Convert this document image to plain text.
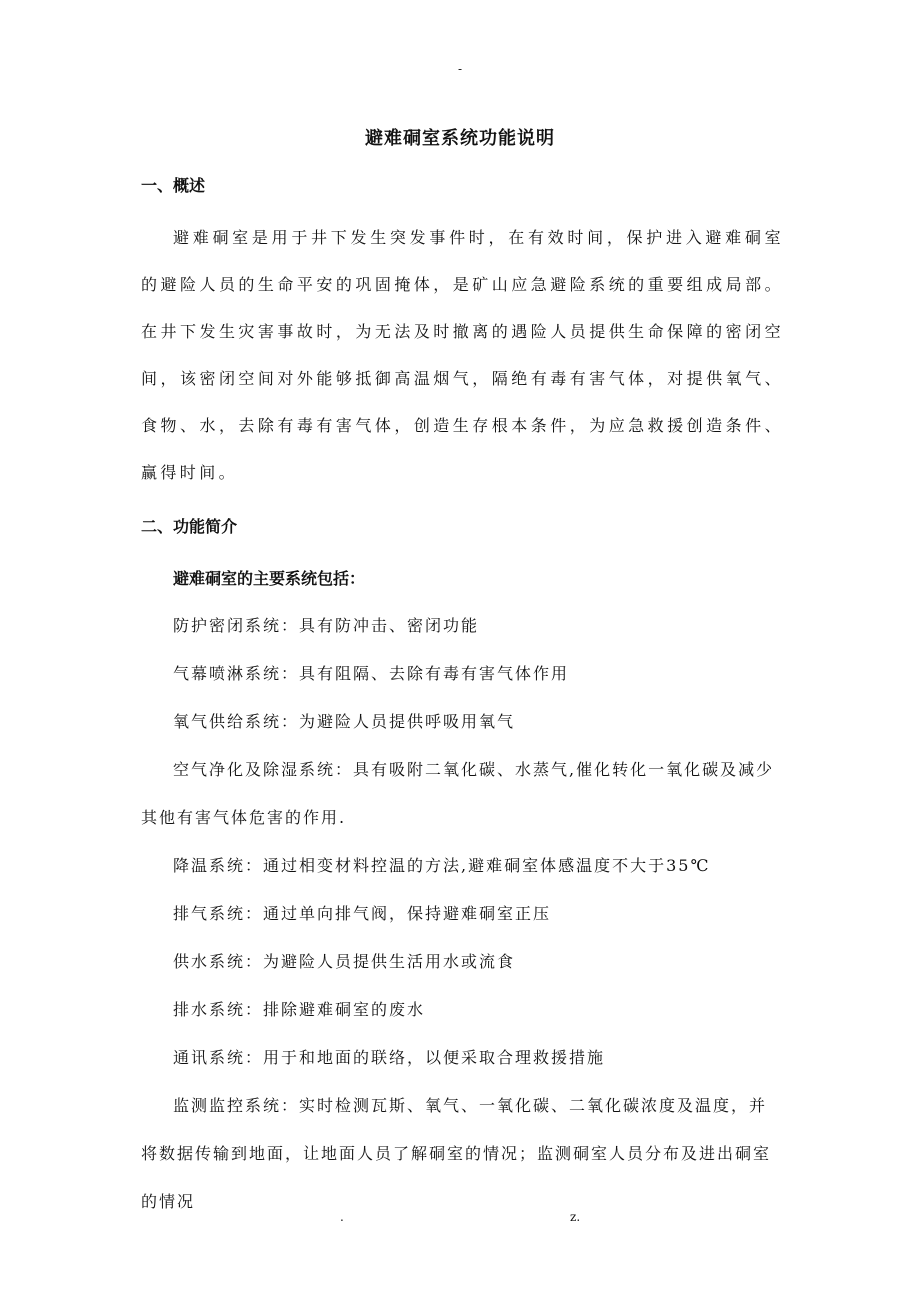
-
避难硐室系统功能说明
一、概述

避难硐室是用于井下发生突发事件时，在有效时间，保护进入避难硐室的避险人员的生命平安的巩固掩体，是矿山应急避险系统的重要组成局部。在井下发生灾害事故时，为无法及时撤离的遇险人员提供生命保障的密闭空间，该密闭空间对外能够抵御高温烟气，隔绝有毒有害气体，对提供氧气、食物、水，去除有毒有害气体，创造生存根本条件，为应急救援创造条件、赢得时间。

二、功能简介

避难硐室的主要系统包括：

防护密闭系统：具有防冲击、密闭功能

气幕喷淋系统：具有阻隔、去除有毒有害气体作用

氧气供给系统：为避险人员提供呼吸用氧气

空气净化及除湿系统：具有吸附二氧化碳、水蒸气,催化转化一氧化碳及减少其他有害气体危害的作用.

降温系统：通过相变材料控温的方法,避难硐室体感温度不大于35℃

排气系统：通过单向排气阀，保持避难硐室正压

供水系统：为避险人员提供生活用水或流食

排水系统：排除避难硐室的废水

通讯系统：用于和地面的联络，以便采取合理救援措施

监测监控系统：实时检测瓦斯、氧气、一氧化碳、二氧化碳浓度及温度，并将数据传输到地面，让地面人员了解硐室的情况；监测硐室人员分布及进出硐室的情况

.	z.
